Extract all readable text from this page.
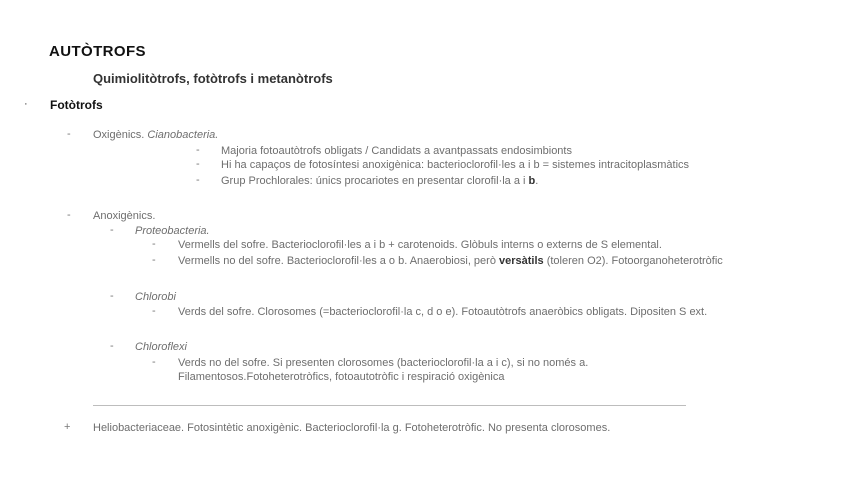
AUTÒTROFS
Quimiolitòtrofs, fotòtrofs i metanòtrofs
· Fotòtrofs
- Oxigènics. Cianobacteria.
- Majoria fotoautòtrofs obligats / Candidats a avantpassats endosimbionts
- Hi ha capaços de fotosíntesi anoxigènica: bacterioclorofil·les a i b = sistemes intracitoplasmàtics
- Grup Prochlorales: únics procariotes en presentar clorofil·la a i b.
- Anoxigènics.
- Proteobacteria.
- Vermells del sofre. Bacterioclorofil·les a i b + carotenoids. Glòbuls interns o externs de S elemental.
- Vermells no del sofre. Bacterioclorofil·les a o b. Anaerobiosi, però versàtils (toleren O2). Fotoorganoheterotròfic
- Chlorobi
- Verds del sofre. Clorosomes (=bacterioclorofil·la c, d o e). Fotoautòtrofs anaeròbics obligats. Dipositen S ext.
- Chloroflexi
- Verds no del sofre. Si presenten clorosomes (bacterioclorofil·la a i c), si no només a.
Filamentosos.Fotoheterotròfics, fotoautotròfic i respiració oxigènica
+ Heliobacteriaceae. Fotosintètic anoxigènic. Bacterioclorofil·la g. Fotoheterotròfic. No presenta clorosomes.
